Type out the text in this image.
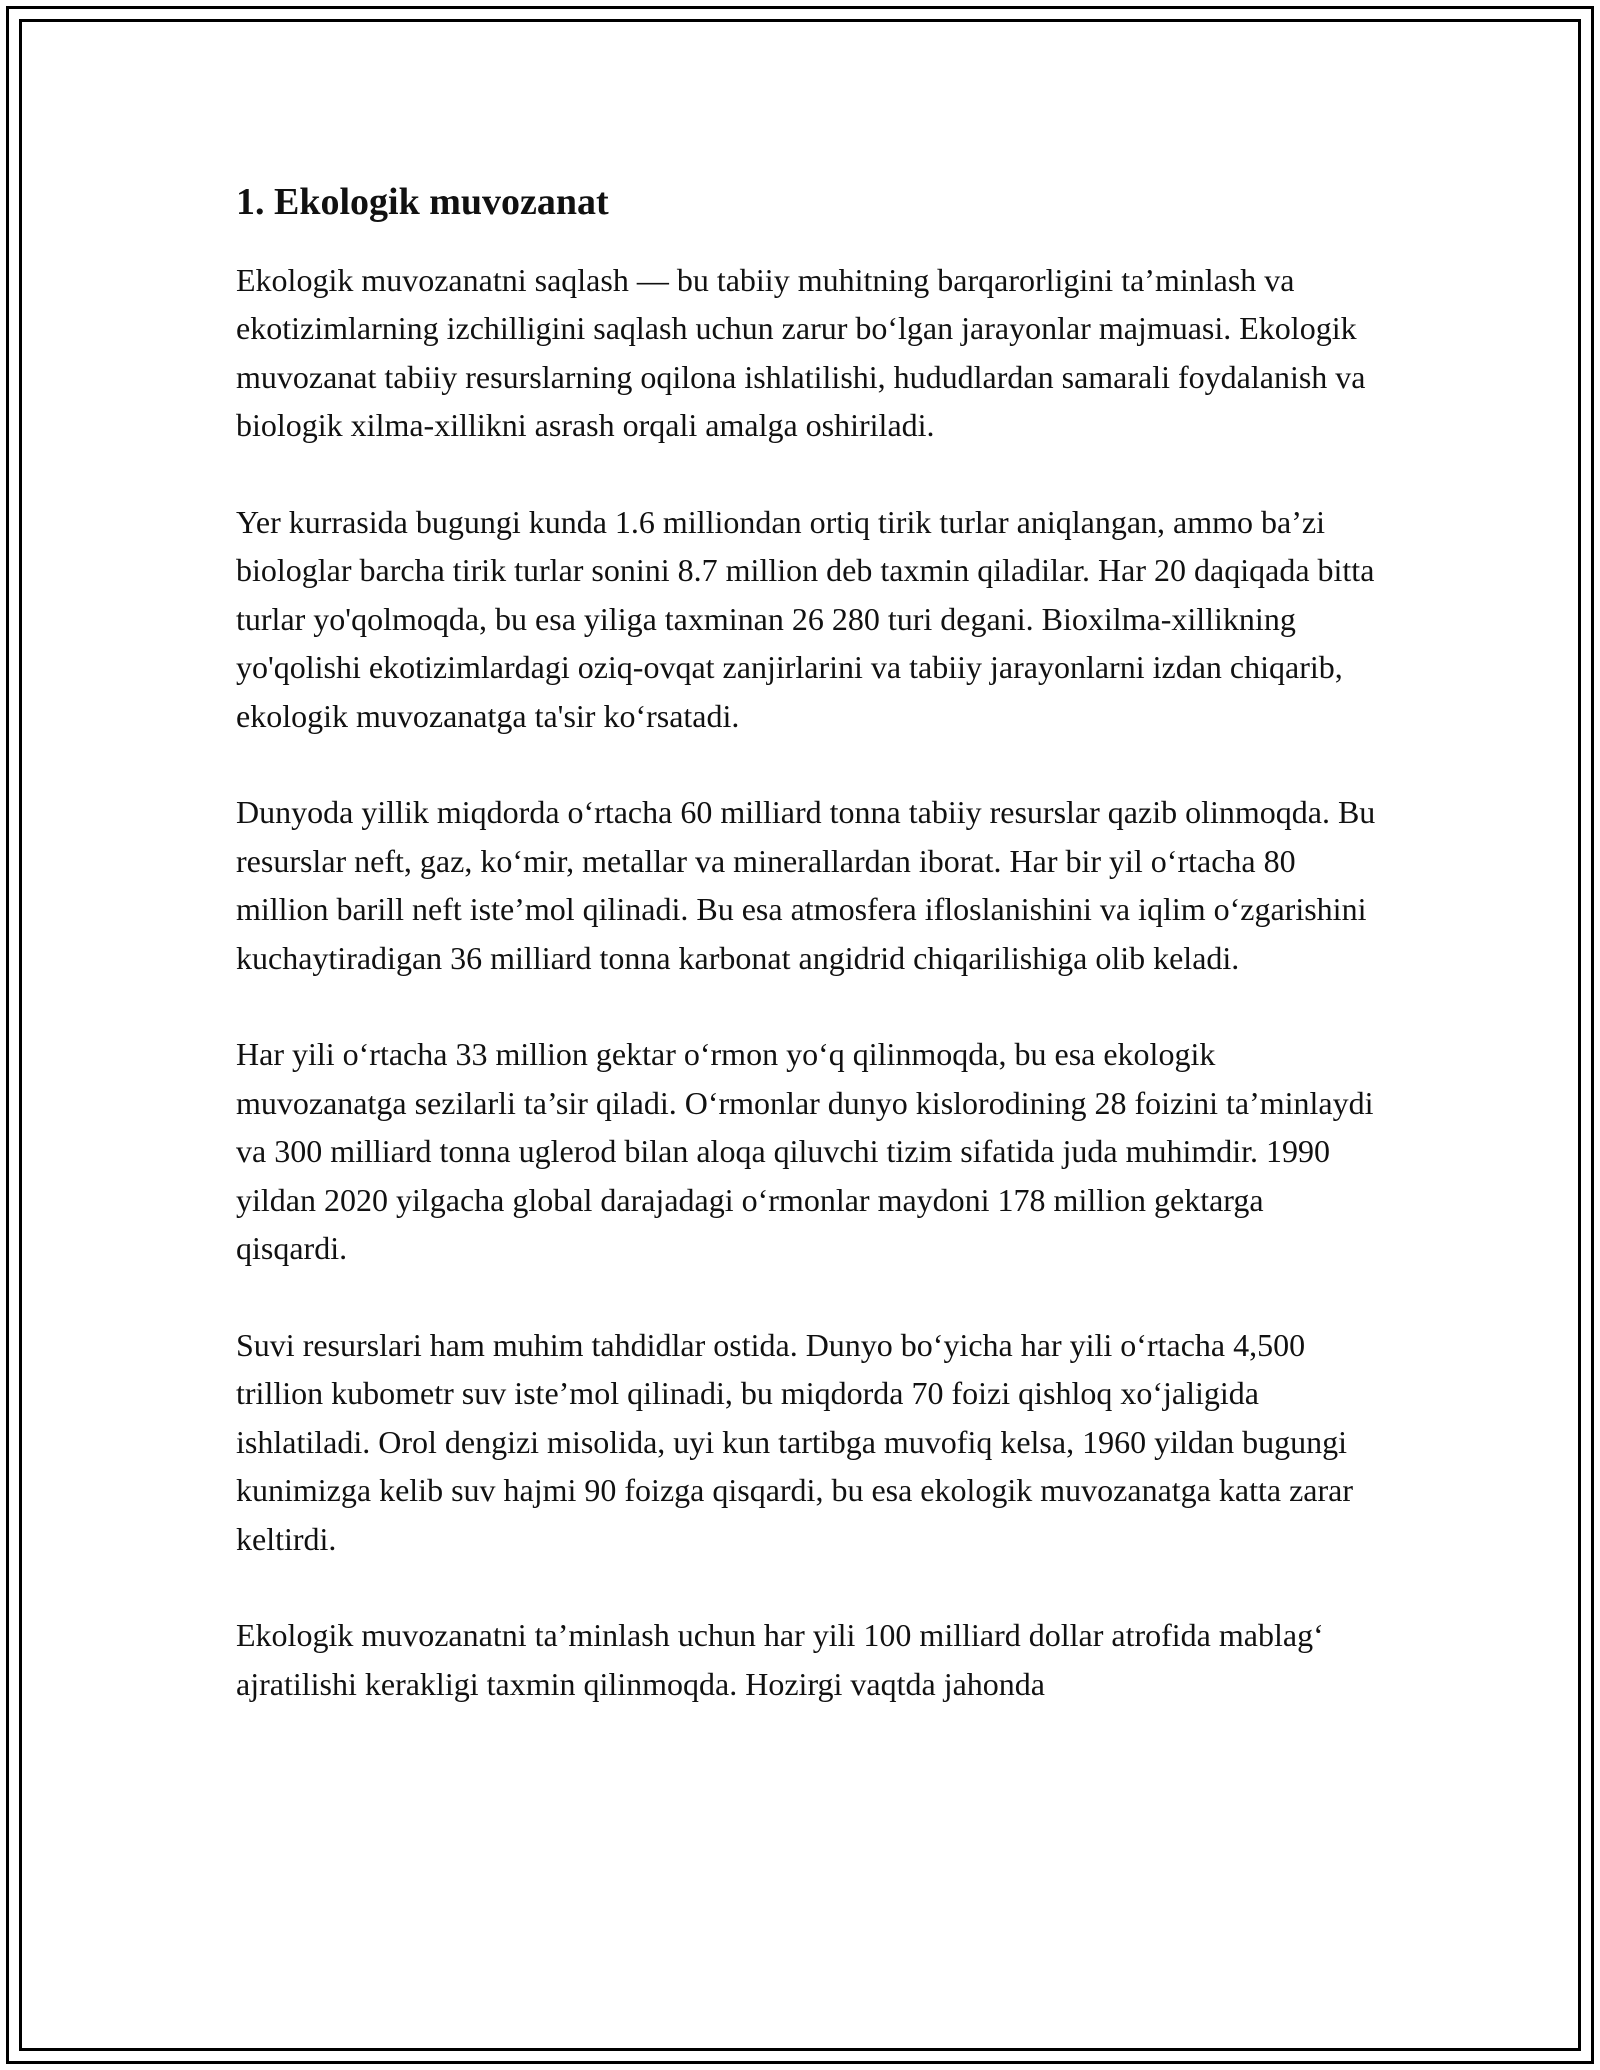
1. Ekologik muvozanat

Ekologik muvozanatni saqlash — bu tabiiy muhitning barqarorligini ta’minlash va ekotizimlarning izchilligini saqlash uchun zarur bo‘lgan jarayonlar majmuasi. Ekologik muvozanat tabiiy resurslarning oqilona ishlatilishi, hududlardan samarali foydalanish va biologik xilma-xillikni asrash orqali amalga oshiriladi.

Yer kurrasida bugungi kunda 1.6 milliondan ortiq tirik turlar aniqlangan, ammo ba’zi biologlar barcha tirik turlar sonini 8.7 million deb taxmin qiladilar. Har 20 daqiqada bitta turlar yo'qolmoqda, bu esa yiliga taxminan 26 280 turi degani. Bioxilma-xillikning yo'qolishi ekotizimlardagi oziq-ovqat zanjirlarini va tabiiy jarayonlarni izdan chiqarib, ekologik muvozanatga ta'sir ko‘rsatadi.

Dunyoda yillik miqdorda o‘rtacha 60 milliard tonna tabiiy resurslar qazib olinmoqda. Bu resurslar neft, gaz, ko‘mir, metallar va minerallardan iborat. Har bir yil o‘rtacha 80 million barill neft iste’mol qilinadi. Bu esa atmosfera ifloslanishini va iqlim o‘zgarishini kuchaytiradigan 36 milliard tonna karbonat angidrid chiqarilishiga olib keladi.

Har yili o‘rtacha 33 million gektar o‘rmon yo‘q qilinmoqda, bu esa ekologik muvozanatga sezilarli ta’sir qiladi. O‘rmonlar dunyo kislorodining 28 foizini ta’minlaydi va 300 milliard tonna uglerod bilan aloqa qiluvchi tizim sifatida juda muhimdir. 1990 yildan 2020 yilgacha global darajadagi o‘rmonlar maydoni 178 million gektarga qisqardi.

Suvi resurslari ham muhim tahdidlar ostida. Dunyo bo‘yicha har yili o‘rtacha 4,500 trillion kubometr suv iste’mol qilinadi, bu miqdorda 70 foizi qishloq xo‘jaligida ishlatiladi. Orol dengizi misolida, uyi kun tartibga muvofiq kelsa, 1960 yildan bugungi kunimizga kelib suv hajmi 90 foizga qisqardi, bu esa ekologik muvozanatga katta zarar keltirdi.

Ekologik muvozanatni ta’minlash uchun har yili 100 milliard dollar atrofida mablag‘ ajratilishi kerakligi taxmin qilinmoqda. Hozirgi vaqtda jahonda
